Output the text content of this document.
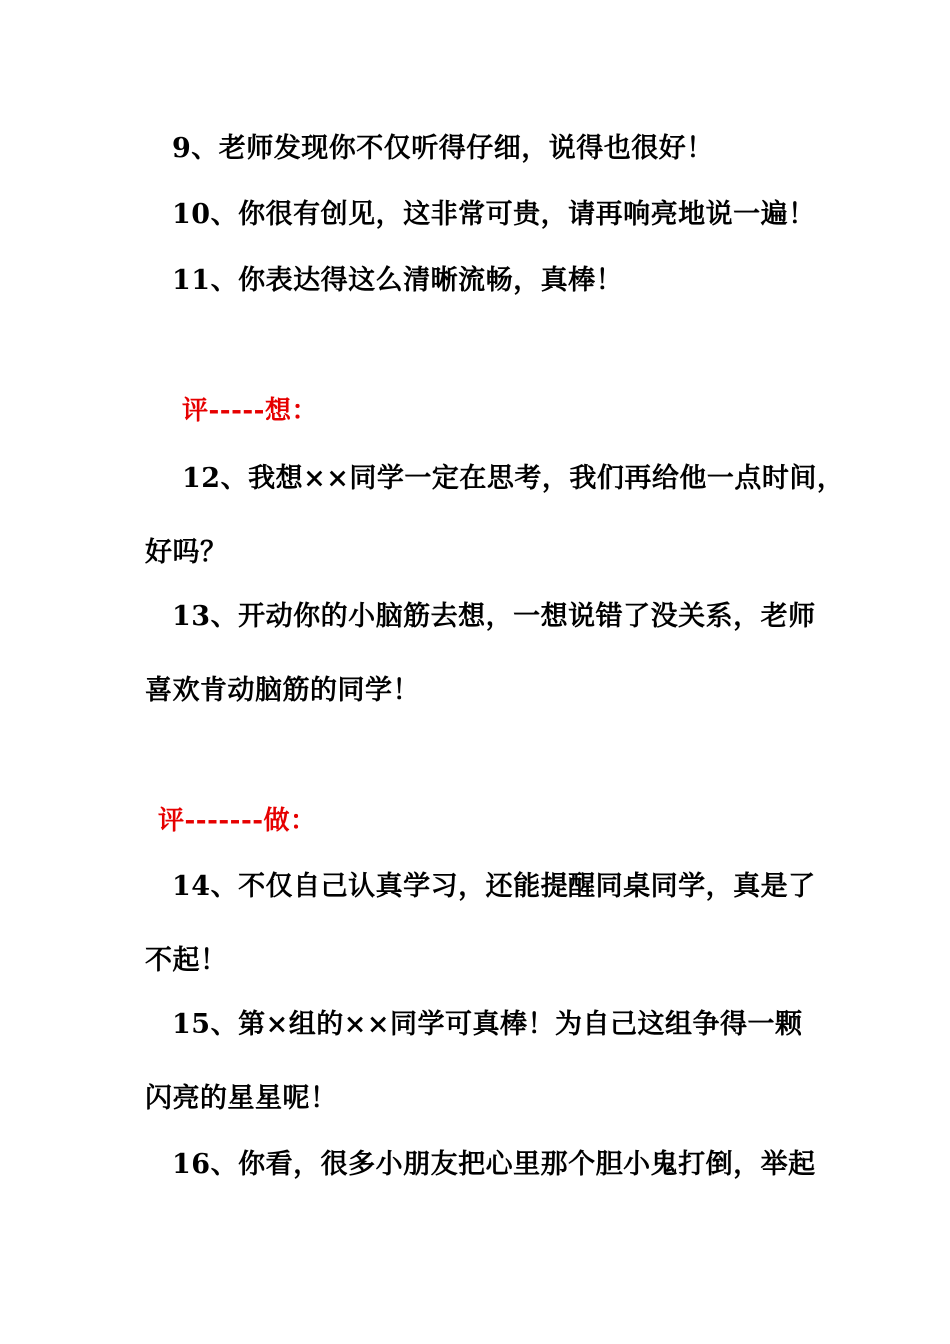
9、老师发现你不仅听得仔细，说得也很好！
10、你很有创见，这非常可贵，请再响亮地说一遍！
11、你表达得这么清晰流畅，真棒！
评-----想：
12、我想××同学一定在思考，我们再给他一点时间，
好吗？
13、开动你的小脑筋去想，一想说错了没关系，老师
喜欢肯动脑筋的同学！
评-------做：
14、不仅自己认真学习，还能提醒同桌同学，真是了
不起！
15、第×组的××同学可真棒！为自己这组争得一颗
闪亮的星星呢！
16、你看，很多小朋友把心里那个胆小鬼打倒，举起
